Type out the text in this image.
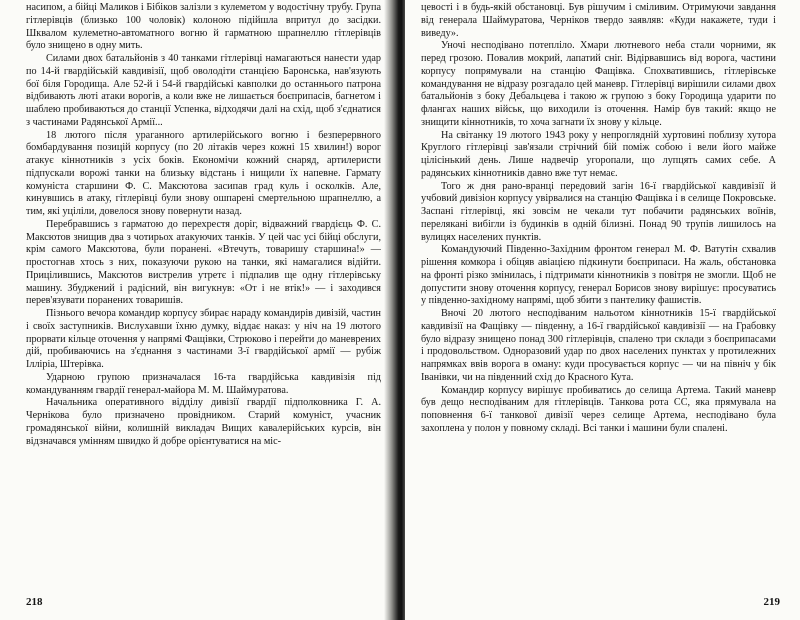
насипом, а бійці Маликов і Бібіков залізли з кулеметом у водостічну трубу. Група гітлерівців (близько 100 чоловік) колоною підійшла впритул до засідки. Шквалом кулеметно-автоматного вогню й гарматною шрапнеллю гітлерівців було знищено в одну мить.

Силами двох батальйонів з 40 танками гітлерівці намагаються нанести удар по 14-й гвардійській кавдивізії, щоб оволодіти станцією Баронська, нав'язують бої біля Городища. Але 52-й і 54-й гвардійські кавполки до останнього патрона відбивають люті атаки ворогів, а коли вже не лишається боєприпасів, багнетом і шаблею пробиваються до станції Успенка, відходячи далі на схід, щоб з'єднатися з частинами Радянської Армії...

18 лютого після ураганного артилерійського вогню і безперервного бомбардування позицій корпусу (по 20 літаків через кожні 15 хвилин!) ворог атакує кіннотників з усіх боків. Економічи кожний снаряд, артилеристи підпускали ворожі танки на близьку відстань і нищили їх напевне. Гармату комуніста старшини Ф. С. Максютова засипав град куль і осколків. Але, кинувшись в атаку, гітлерівці були знову ошпарені смертельною шрапнеллю, а тим, які уціліли, довелося знову повернути назад.

Перебравшись з гарматою до перехрестя доріг, відважний гвардієць Ф. С. Максютов знищив два з чотирьох атакуючих танків. У цей час усі бійці обслуги, крім самого Максютова, були поранені. «Втечуть, товаришу старшина!» — простогнав хтось з них, показуючи рукою на танки, які намагалися відійти. Прицілившись, Максютов вистрелив утретє і підпалив ще одну гітлерівську машину. Збуджений і радісний, він вигукнув: «От і не втік!» — і заходився перев'язувати поранених товаришів.

Пізнього вечора командир корпусу збирає нараду командирів дивізій, частин і своїх заступників. Вислухавши їхню думку, віддає наказ: у ніч на 19 лютого прорвати кільце оточення у напрямі Фащівки, Стрюково і перейти до маневрених дій, пробиваючись на з'єднання з частинами 3-ї гвардійської армії — рубіж Ілліріа, Штерівка.

Ударною групою призначалася 16-та гвардійська кавдивізія під командуванням гвардії генерал-майора М. М. Шаймуратова.

Начальника оперативного відділу дивізії гвардії підполковника Г. А. Чернікова було призначено провідником. Старий комуніст, учасник громадянської війни, колишній викладач Вищих кавалерійських курсів, він відзначався умінням швидко й добре орієнтуватися на міс-

218

цевості і в будь-якій обстановці. Був рішучим і сміливим. Отримуючи завдання від генерала Шаймуратова, Черніков твердо заявляв: «Куди накажете, туди і виведу».

Уночі несподівано потепліло. Хмари лютневого неба стали чорними, як перед грозою. Повалив мокрий, лапатий сніг. Відірвавшись від ворога, частини корпусу попрямували на станцію Фащівка. Спохватившись, гітлерівське командування не відразу розгадало цей маневр. Гітлерівці вирішили силами двох батальйонів з боку Дебальцева і такою ж групою з боку Городища ударити по флангах наших військ, що виходили із оточення. Намір був такий: якщо не знищити кіннотників, то хоча загнати їх знову у кільце.

На світанку 19 лютого 1943 року у непроглядній хуртовині поблизу хутора Круглого гітлерівці зав'язали стрічний бій поміж собою і вели його майже цілісінький день. Лише надвечір угоропали, що лупцять самих себе. А радянських кіннотників давно вже тут немає.

Того ж дня рано-вранці передовий загін 16-ї гвардійської кавдивізії й учбовий дивізіон корпусу увірвалися на станцію Фащівка і в селище Покровське. Заспані гітлерівці, які зовсім не чекали тут побачити радянських воїнів, перелякані вибігли із будинків в одній білизні. Понад 90 трупів лишилось на вулицях населених пунктів.

Командуючий Південно-Західним фронтом генерал М. Ф. Ватутін схвалив рішення комкора і обіцяв авіацією підкинути боєприпаси. На жаль, обстановка на фронті різко змінилась, і підтримати кіннотників з повітря не змогли. Щоб не допустити знову оточення корпусу, генерал Борисов знову вирішує: просуватись у південно-західному напрямі, щоб збити з пантелику фашистів.

Вночі 20 лютого несподіваним нальотом кіннотників 15-ї гвардійської кавдивізії на Фащівку — південну, а 16-ї гвардійської кавдивізії — на Грабовку було відразу знищено понад 300 гітлерівців, спалено три склади з боєприпасами і продовольством. Одноразовий удар по двох населених пунктах у протилежних напрямках ввів ворога в оману: куди просувається корпус — чи на північ у бік Іванівки, чи на південний схід до Красного Кута.

Командир корпусу вирішує пробиватись до селища Артема. Такий маневр був дещо несподіваним для гітлерівців. Танкова рота СС, яка прямувала на поповнення 6-ї танкової дивізії через селище Артема, несподівано була захоплена у полон у повному складі. Всі танки і машини були спалені.

219
